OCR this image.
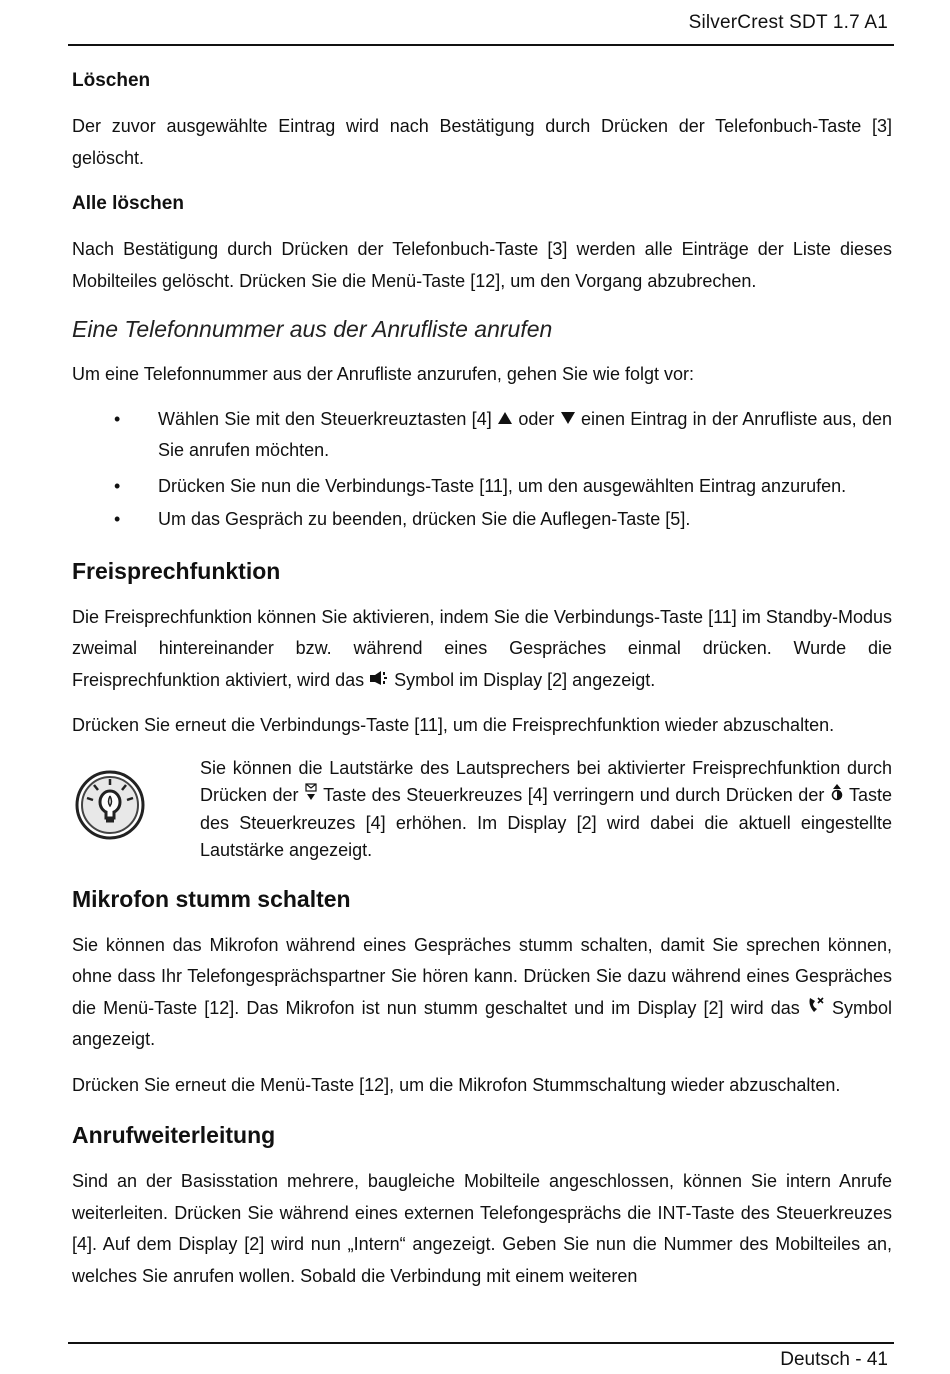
SilverCrest SDT 1.7 A1

Löschen

Der zuvor ausgewählte Eintrag wird nach Bestätigung durch Drücken der Telefonbuch-Taste [3] gelöscht.

Alle löschen

Nach Bestätigung durch Drücken der Telefonbuch-Taste [3] werden alle Einträge der Liste dieses Mobilteiles gelöscht. Drücken Sie die Menü-Taste [12], um den Vorgang abzubrechen.

Eine Telefonnummer aus der Anrufliste anrufen

Um eine Telefonnummer aus der Anrufliste anzurufen, gehen Sie wie folgt vor:

• Wählen Sie mit den Steuerkreuztasten [4]  oder  einen Eintrag in der Anrufliste aus, den Sie anrufen möchten.
• Drücken Sie nun die Verbindungs-Taste [11], um den ausgewählten Eintrag anzurufen.
• Um das Gespräch zu beenden, drücken Sie die Auflegen-Taste [5].

Freisprechfunktion

Die Freisprechfunktion können Sie aktivieren, indem Sie die Verbindungs-Taste [11] im Standby-Modus zweimal hintereinander bzw. während eines Gespräches einmal drücken. Wurde die Freisprechfunktion aktiviert, wird das  Symbol im Display [2] angezeigt.

Drücken Sie erneut die Verbindungs-Taste [11], um die Freisprechfunktion wieder abzuschalten.

Sie können die Lautstärke des Lautsprechers bei aktivierter Freisprechfunktion durch Drücken der  Taste des Steuerkreuzes [4] verringern und durch Drücken der  Taste des Steuerkreuzes [4] erhöhen. Im Display [2] wird dabei die aktuell eingestellte Lautstärke angezeigt.

Mikrofon stumm schalten

Sie können das Mikrofon während eines Gespräches stumm schalten, damit Sie sprechen können, ohne dass Ihr Telefongesprächspartner Sie hören kann. Drücken Sie dazu während eines Gespräches die Menü-Taste [12]. Das Mikrofon ist nun stumm geschaltet und im Display [2] wird das  Symbol angezeigt.

Drücken Sie erneut die Menü-Taste [12], um die Mikrofon Stummschaltung wieder abzuschalten.

Anrufweiterleitung

Sind an der Basisstation mehrere, baugleiche Mobilteile angeschlossen, können Sie intern Anrufe weiterleiten. Drücken Sie während eines externen Telefongesprächs die INT-Taste des Steuerkreuzes [4]. Auf dem Display [2] wird nun „Intern“ angezeigt. Geben Sie nun die Nummer des Mobilteiles an, welches Sie anrufen wollen. Sobald die Verbindung mit einem weiteren

Deutsch - 41
